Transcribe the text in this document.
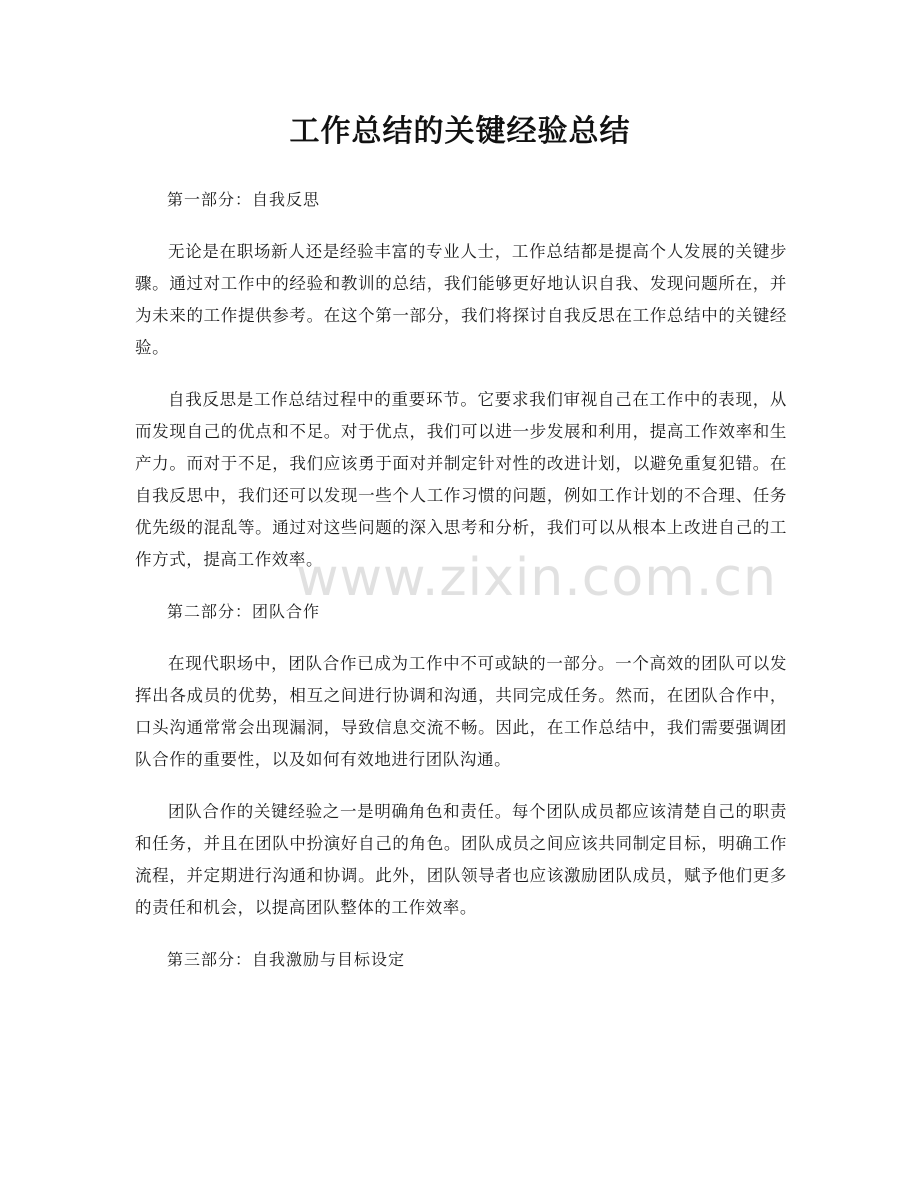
工作总结的关键经验总结

第一部分：自我反思

无论是在职场新人还是经验丰富的专业人士，工作总结都是提高个人发展的关键步骤。通过对工作中的经验和教训的总结，我们能够更好地认识自我、发现问题所在，并为未来的工作提供参考。在这个第一部分，我们将探讨自我反思在工作总结中的关键经验。

自我反思是工作总结过程中的重要环节。它要求我们审视自己在工作中的表现，从而发现自己的优点和不足。对于优点，我们可以进一步发展和利用，提高工作效率和生产力。而对于不足，我们应该勇于面对并制定针对性的改进计划，以避免重复犯错。在自我反思中，我们还可以发现一些个人工作习惯的问题，例如工作计划的不合理、任务优先级的混乱等。通过对这些问题的深入思考和分析，我们可以从根本上改进自己的工作方式，提高工作效率。

第二部分：团队合作

在现代职场中，团队合作已成为工作中不可或缺的一部分。一个高效的团队可以发挥出各成员的优势，相互之间进行协调和沟通，共同完成任务。然而，在团队合作中，口头沟通常常会出现漏洞，导致信息交流不畅。因此，在工作总结中，我们需要强调团队合作的重要性，以及如何有效地进行团队沟通。

团队合作的关键经验之一是明确角色和责任。每个团队成员都应该清楚自己的职责和任务，并且在团队中扮演好自己的角色。团队成员之间应该共同制定目标，明确工作流程，并定期进行沟通和协调。此外，团队领导者也应该激励团队成员，赋予他们更多的责任和机会，以提高团队整体的工作效率。

第三部分：自我激励与目标设定

www.zixin.com.cn
